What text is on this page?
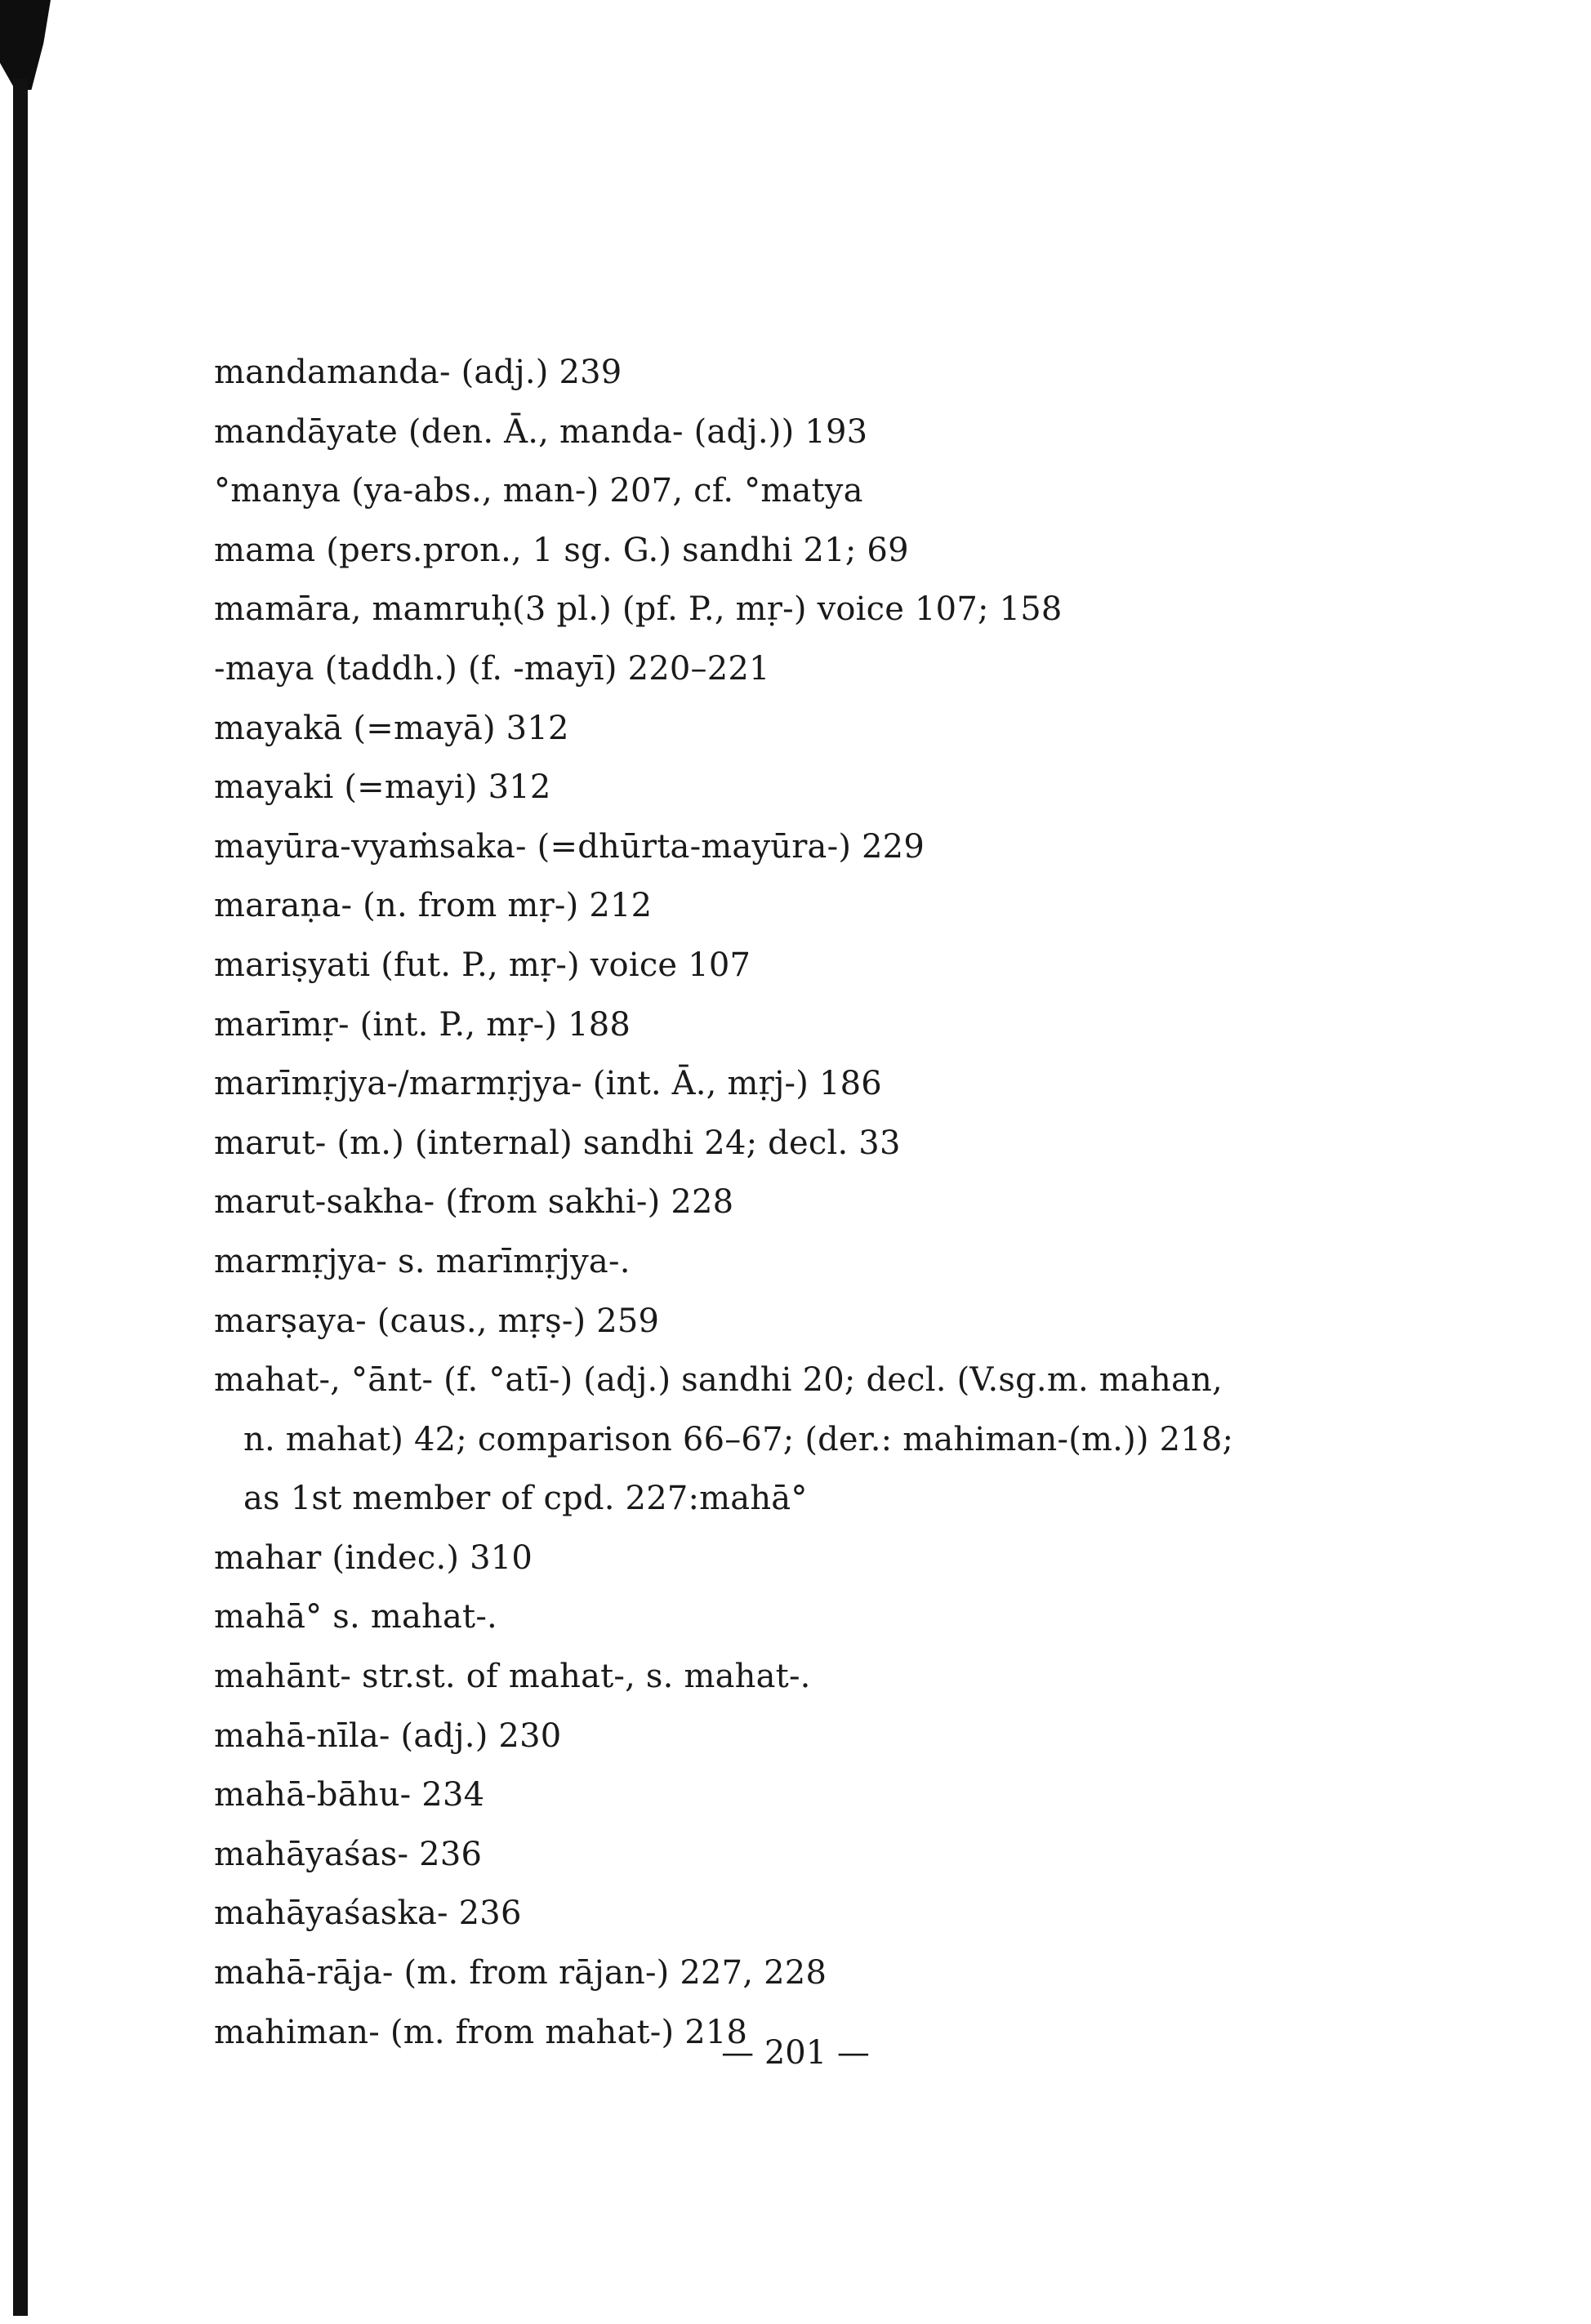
mandamanda- (adj.) 239
mandāyate (den. Ā., manda- (adj.)) 193
°manya (ya-abs., man-) 207, cf. °matya
mama (pers.pron., 1 sg. G.) sandhi 21; 69
mamāra, mamruḥ(3 pl.) (pf. P., mṛ-) voice 107; 158
-maya (taddh.) (f. -mayī) 220–221
mayakā (=mayā) 312
mayaki (=mayi) 312
mayūra-vyaṁsaka- (=dhūrta-mayūra-) 229
maraṇa- (n. from mṛ-) 212
mariṣyati (fut. P., mṛ-) voice 107
marīmṛ- (int. P., mṛ-) 188
marīmṛjya-/marmṛjya- (int. Ā., mṛj-) 186
marut- (m.) (internal) sandhi 24; decl. 33
marut-sakha- (from sakhi-) 228
marmṛjya- s. marīmṛjya-.
marṣaya- (caus., mṛṣ-) 259
mahat-, °ānt- (f. °atī-) (adj.) sandhi 20; decl. (V.sg.m. mahan,
n. mahat) 42; comparison 66–67; (der.: mahiman-(m.)) 218;
as 1st member of cpd. 227:mahā°
mahar (indec.) 310
mahā° s. mahat-.
mahānt- str.st. of mahat-, s. mahat-.
mahā-nīla- (adj.) 230
mahā-bāhu- 234
mahāyaśas- 236
mahāyaśaska- 236
mahā-rāja- (m. from rājan-) 227, 228
mahiman- (m. from mahat-) 218
— 201 —
